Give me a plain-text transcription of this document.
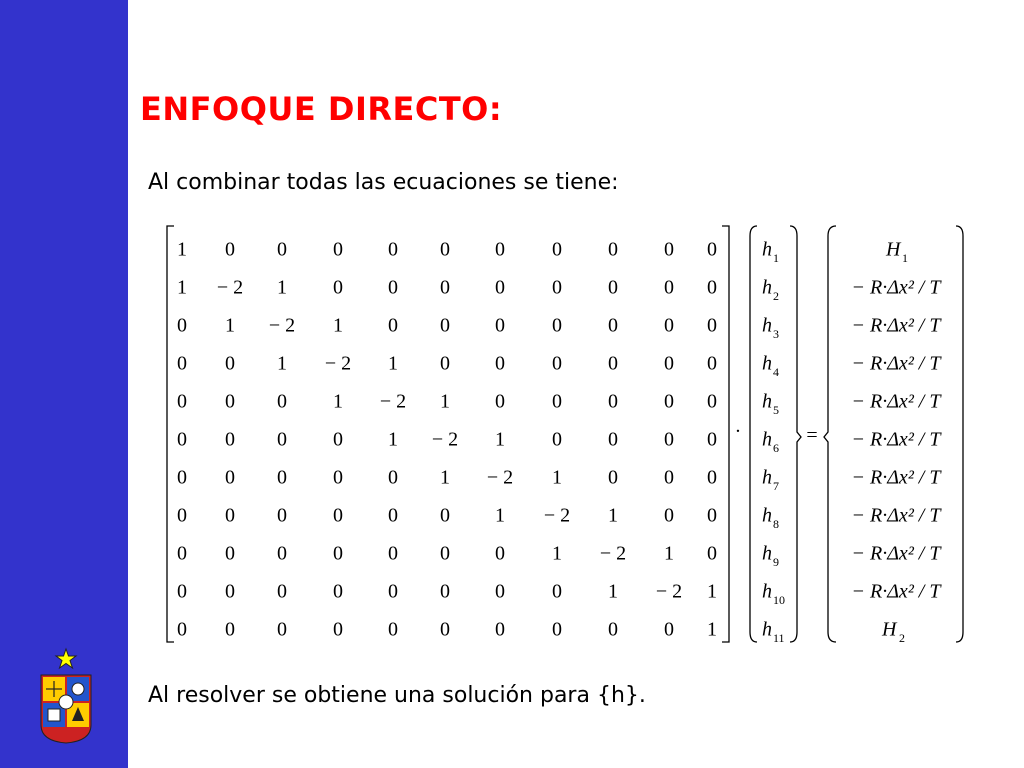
ENFOQUE DIRECTO:
Al combinar todas las ecuaciones se tiene:
1 0 0 0 0 0 0 0 0 0 0
1 − 2 1 0 0 0 0 0 0 0 0
0 1 − 2 1 0 0 0 0 0 0 0
0 0 1 − 2 1 0 0 0 0 0 0
0 0 0 1 − 2 1 0 0 0 0 0
0 0 0 0 1 − 2 1 0 0 0 0
0 0 0 0 0 1 − 2 1 0 0 0
0 0 0 0 0 0 1 − 2 1 0 0
0 0 0 0 0 0 0 1 − 2 1 0
0 0 0 0 0 0 0 0 1 − 2 1
0 0 0 0 0 0 0 0 0 0 1
·
h 1
h 2
h 3
h 4
h 5
h 6
h 7
h 8
h 9
h 10
h 11
=
H 1
− R·Δx² / T
− R·Δx² / T
− R·Δx² / T
− R·Δx² / T
− R·Δx² / T
− R·Δx² / T
− R·Δx² / T
− R·Δx² / T
− R·Δx² / T
H 2
Al resolver se obtiene una solución para {h}.
